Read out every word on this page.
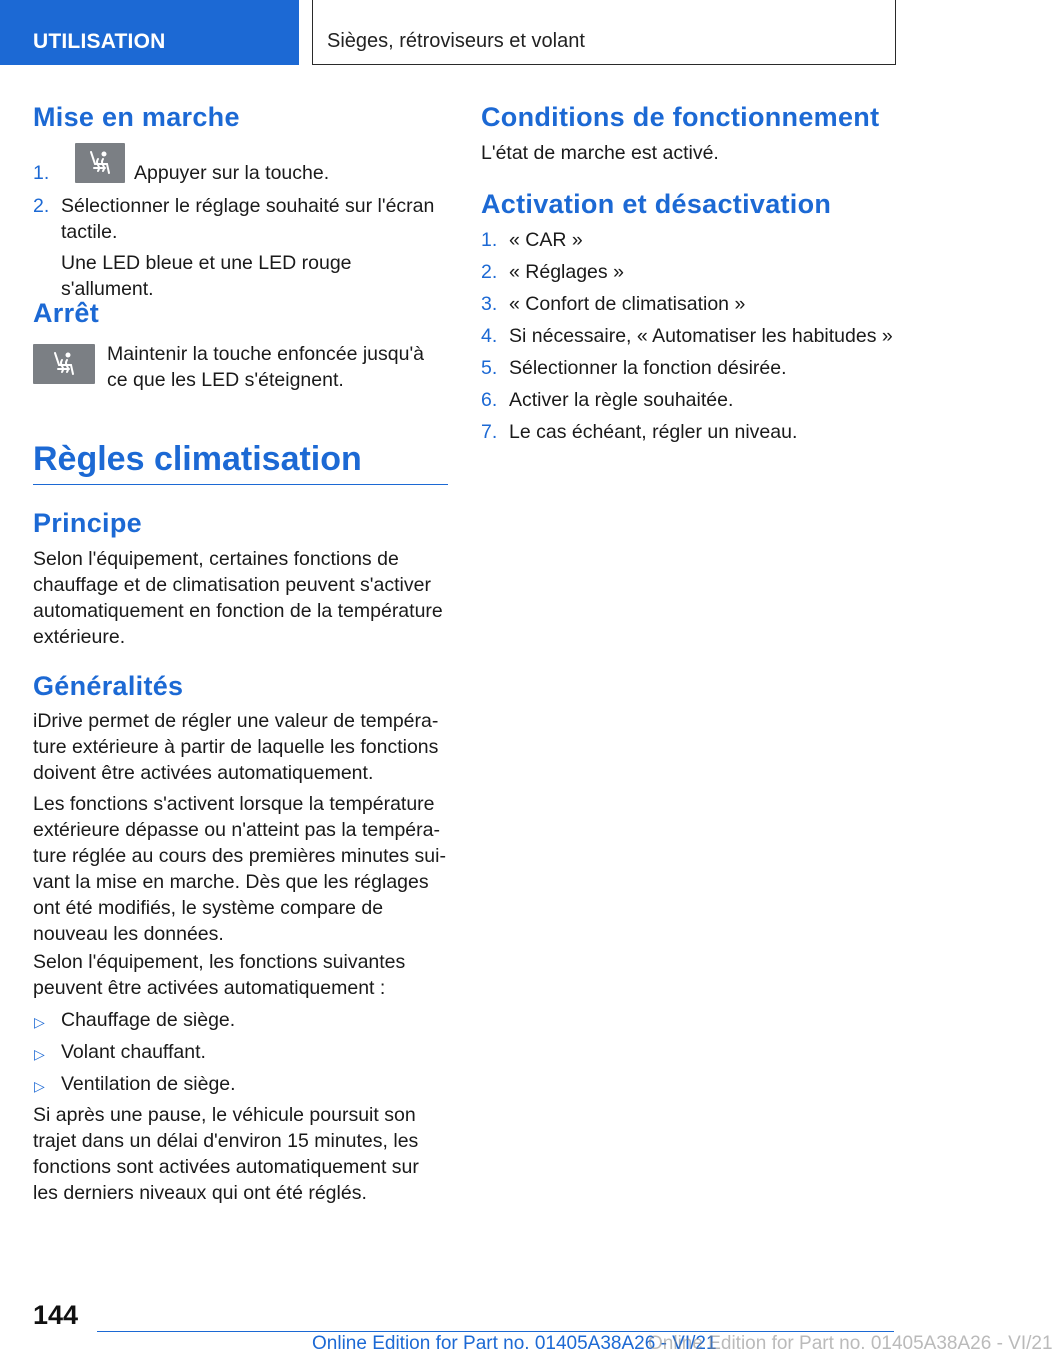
UTILISATION	Sièges, rétroviseurs et volant
Mise en marche
1.	Appuyer sur la touche.
2. Sélectionner le réglage souhaité sur l'écran tactile.

Une LED bleue et une LED rouge s'allument.

Arrêt

Maintenir la touche enfoncée jusqu'à ce que les LED s'éteignent.

Règles climatisation
Principe

Selon l'équipement, certaines fonctions de chauffage et de climatisation peuvent s'activer automatiquement en fonction de la température extérieure.

Généralités

iDrive permet de régler une valeur de température extérieure à partir de laquelle les fonctions doivent être activées automatiquement.

Les fonctions s'activent lorsque la température extérieure dépasse ou n'atteint pas la température réglée au cours des premières minutes suivant la mise en marche. Dès que les réglages ont été modifiés, le système compare de nouveau les données.

Selon l'équipement, les fonctions suivantes peuvent être activées automatiquement :

▷ Chauffage de siège.
▷ Volant chauffant.
▷ Ventilation de siège.

Si après une pause, le véhicule poursuit son trajet dans un délai d'environ 15 minutes, les fonctions sont activées automatiquement sur les derniers niveaux qui ont été réglés.

Conditions de fonctionnement

L'état de marche est activé.

Activation et désactivation
1. « CAR »
2. « Réglages »
3. « Confort de climatisation »
4. Si nécessaire, « Automatiser les habitudes »
5. Sélectionner la fonction désirée.
6. Activer la règle souhaitée.
7. Le cas échéant, régler un niveau.
144
Online Edition for Part no. 01405A38A26 - VI/21
Online Edition for Part no. 01405A38A26 - VI/21
